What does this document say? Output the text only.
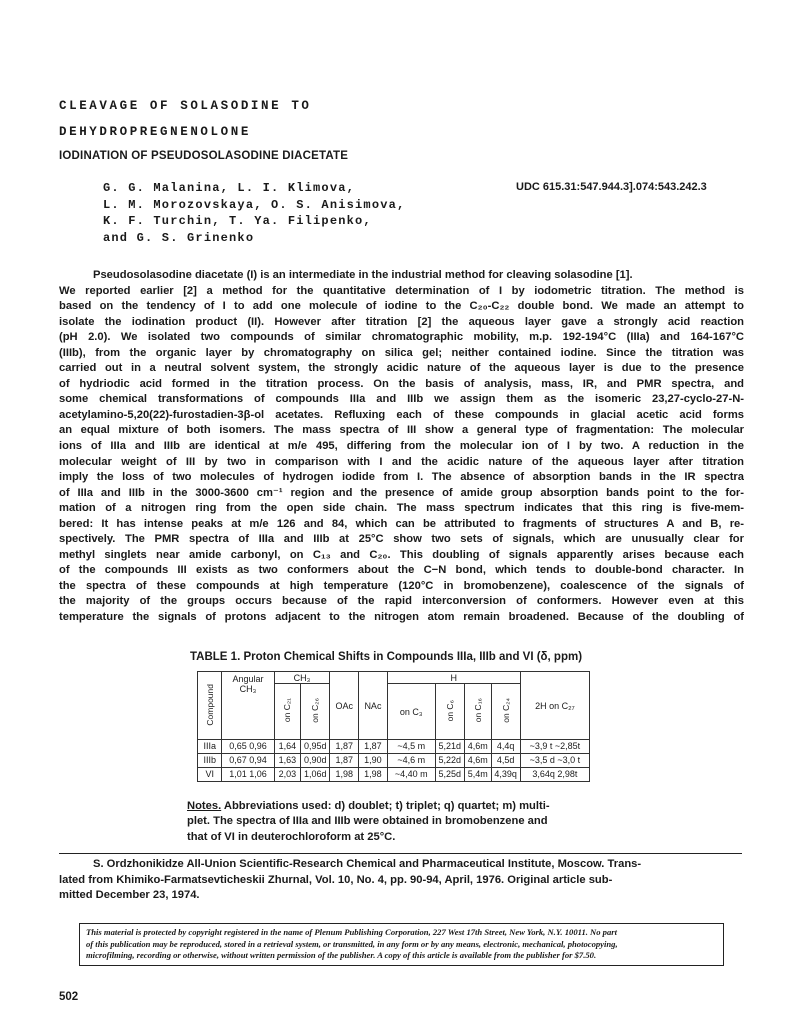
CLEAVAGE OF SOLASODINE TO
DEHYDROPREGNENOLONE
IODINATION OF PSEUDOSOLASODINE DIACETATE
G. G. Malanina, L. I. Klimova,
L. M. Morozovskaya, O. S. Anisimova,
K. F. Turchin, T. Ya. Filipenko,
and G. S. Grinenko
UDC 615.31:547.944.3].074:543.242.3
Pseudosolasodine diacetate (I) is an intermediate in the industrial method for cleaving solasodine [1].
We reported earlier [2] a method for the quantitative determination of I by iodometric titration. The method is
based on the tendency of I to add one molecule of iodine to the C₂₀-C₂₂ double bond. We made an attempt to
isolate the iodination product (II). However after titration [2] the aqueous layer gave a strongly acid reaction
(pH 2.0). We isolated two compounds of similar chromatographic mobility, m.p. 192-194°C (IIIa) and 164-167°C
(IIIb), from the organic layer by chromatography on silica gel; neither contained iodine. Since the titration was
carried out in a neutral solvent system, the strongly acidic nature of the aqueous layer is due to the presence
of hydriodic acid formed in the titration process. On the basis of analysis, mass, IR, and PMR spectra, and
some chemical transformations of compounds IIIa and IIIb we assign them as the isomeric 23,27-cyclo-27-N-
acetylamino-5,20(22)-furostadien-3β-ol acetates. Refluxing each of these compounds in glacial acetic acid forms
an equal mixture of both isomers. The mass spectra of III show a general type of fragmentation: The molecular
ions of IIIa and IIIb are identical at m/e 495, differing from the molecular ion of I by two. A reduction in the
molecular weight of III by two in comparison with I and the acidic nature of the aqueous layer after titration
imply the loss of two molecules of hydrogen iodide from I. The absence of absorption bands in the IR spectra
of IIIa and IIIb in the 3000-3600 cm⁻¹ region and the presence of amide group absorption bands point to the for-
mation of a nitrogen ring from the open side chain. The mass spectrum indicates that this ring is five-mem-
bered: It has intense peaks at m/e 126 and 84, which can be attributed to fragments of structures A and B, re-
spectively. The PMR spectra of IIIa and IIIb at 25°C show two sets of signals, which are unusually clear for
methyl singlets near amide carbonyl, on C₁₃ and C₂₀. This doubling of signals apparently arises because each
of the compounds III exists as two conformers about the C−N bond, which tends to double-bond character. In
the spectra of these compounds at high temperature (120°C in bromobenzene), coalescence of the signals of
the majority of the groups occurs because of the rapid interconversion of conformers. However even at this
temperature the signals of protons adjacent to the nitrogen atom remain broadened. Because of the doubling of
TABLE 1. Proton Chemical Shifts in Compounds IIIa, IIIb and VI (δ, ppm)
Compound	Angular
CH₃	CH₃		OAc	NAc	H				2H on C₂₇
		on C₂₁	on C₂₆			on C₃	on C₆	on C₁₆	on C₂₄	
IIIa	0,65 0,96	1,64	0,95d	1,87	1,87	~4,5 m	5,21d	4,6m	4,4q	~3,9 t ~2,85t
IIIb	0,67 0,94	1,63	0,90d	1,87	1,90	~4,6 m	5,22d	4,6m	4,5d	~3,5 d ~3,0 t
VI	1,01 1,06	2,03	1,06d	1,98	1,98	~4,40 m	5,25d	5,4m	4,39q	3,64q 2,98t
Notes. Abbreviations used: d) doublet; t) triplet; q) quartet; m) multi-
plet. The spectra of IIIa and IIIb were obtained in bromobenzene and
that of VI in deuterochloroform at 25°C.
S. Ordzhonikidze All-Union Scientific-Research Chemical and Pharmaceutical Institute, Moscow. Trans-
lated from Khimiko-Farmatsevticheskii Zhurnal, Vol. 10, No. 4, pp. 90-94, April, 1976. Original article sub-
mitted December 23, 1974.
This material is protected by copyright registered in the name of Plenum Publishing Corporation, 227 West 17th Street, New York, N.Y. 10011. No part
of this publication may be reproduced, stored in a retrieval system, or transmitted, in any form or by any means, electronic, mechanical, photocopying,
microfilming, recording or otherwise, without written permission of the publisher. A copy of this article is available from the publisher for $7.50.
502
